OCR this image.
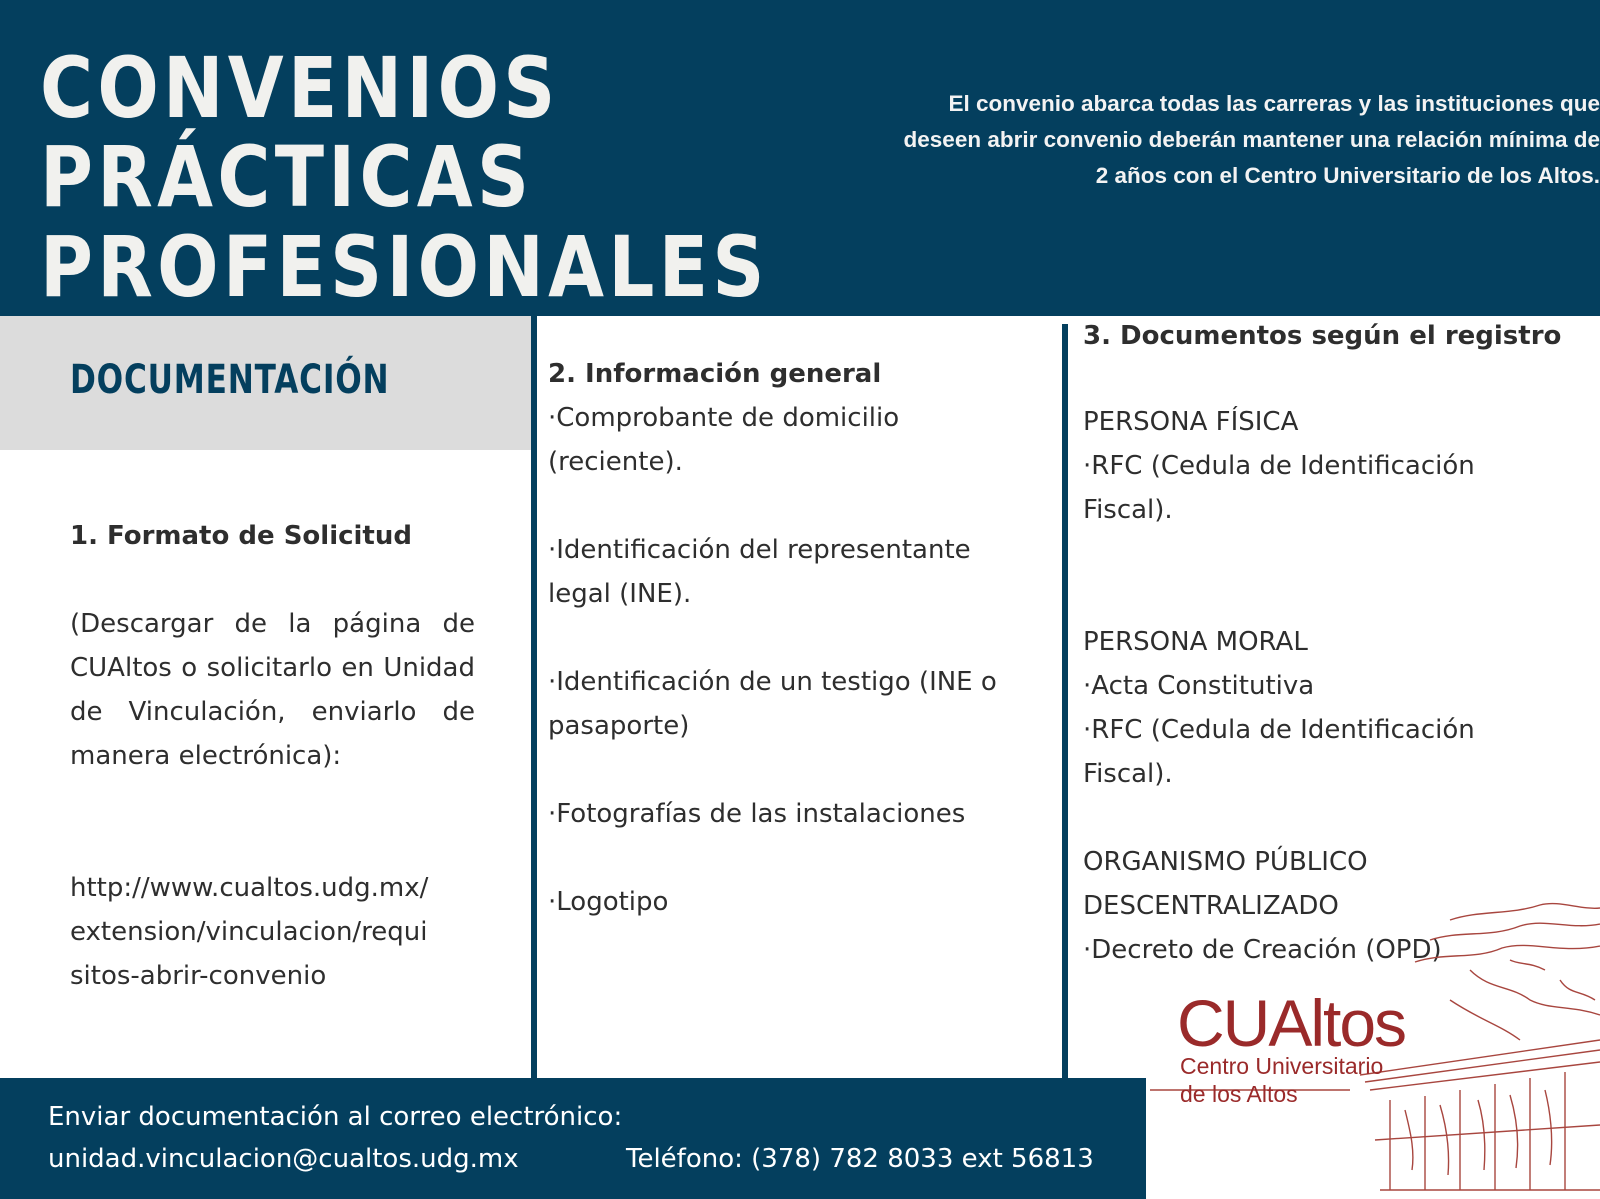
CONVENIOS
PRÁCTICAS
PROFESIONALES
El convenio abarca todas las carreras y las instituciones que
deseen abrir convenio deberán mantener una relación mínima de
2 años con el Centro Universitario de los Altos.
DOCUMENTACIÓN
1. Formato de Solicitud

(Descargar de la página de CUAltos o solicitarlo en Unidad de Vinculación, enviarlo de manera electrónica):

http://www.cualtos.udg.mx/
extension/vinculacion/requi
sitos-abrir-convenio
2. Información general

·Comprobante de domicilio (reciente).

·Identificación del representante legal (INE).

·Identificación de un testigo (INE o pasaporte)

·Fotografías de las instalaciones

·Logotipo

3. Documentos según el registro

PERSONA FÍSICA

·RFC (Cedula de Identificación Fiscal).

PERSONA MORAL

·Acta Constitutiva

·RFC (Cedula de Identificación Fiscal).

ORGANISMO PÚBLICO

DESCENTRALIZADO

·Decreto de Creación (OPD)

CUAltos
Centro Universitario
de los Altos
Enviar documentación al correo electrónico:
unidad.vinculacion@cualtos.udg.mx	Teléfono: (378) 782 8033 ext 56813
